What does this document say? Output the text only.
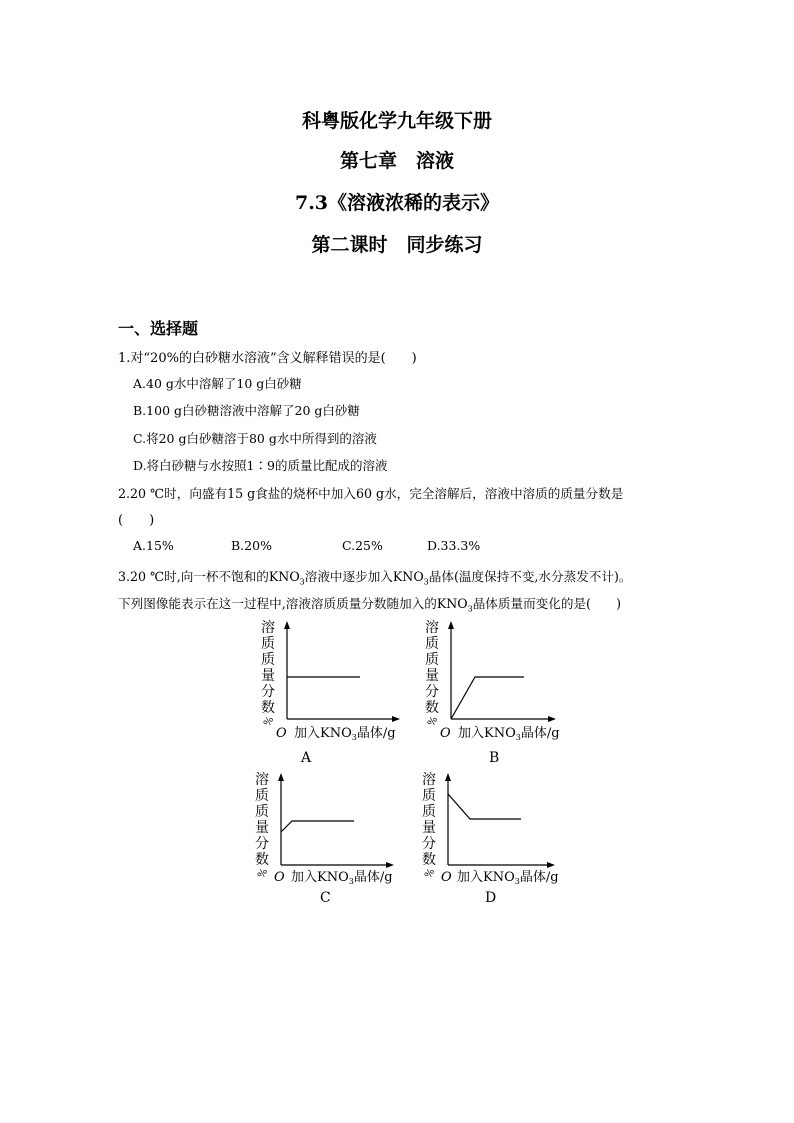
科粤版化学九年级下册
第七章　溶液
7.3《溶液浓稀的表示》
第二课时　同步练习
一、选择题
1.对“20%的白砂糖水溶液”含义解释错误的是(　　)
A.40 g水中溶解了10 g白砂糖
B.100 g白砂糖溶液中溶解了20 g白砂糖
C.将20 g白砂糖溶于80 g水中所得到的溶液
D.将白砂糖与水按照1∶9的质量比配成的溶液
2.20 ℃时，向盛有15 g食盐的烧杯中加入60 g水，完全溶解后，溶液中溶质的质量分数是
(　　)
A.15%	B.20%	C.25%	D.33.3%
3.20 ℃时,向一杯不饱和的$KNO_3$溶液中逐步加入$KNO_3$晶体(温度保持不变,水分蒸发不计)。
下列图像能表示在这一过程中,溶液溶质质量分数随加入的$KNO_3$晶体质量而变化的是(　　)
溶
质
质
量
分
数
%
O 加入$KNO_3$晶体/g
A
溶
质
质
量
分
数
%
O 加入$KNO_3$晶体/g
B
溶
质
质
量
分
数
% O 加入$KNO_3$晶体/g
C
溶
质
质
量
分
数
% O 加入$KNO_3$晶体/g
D
